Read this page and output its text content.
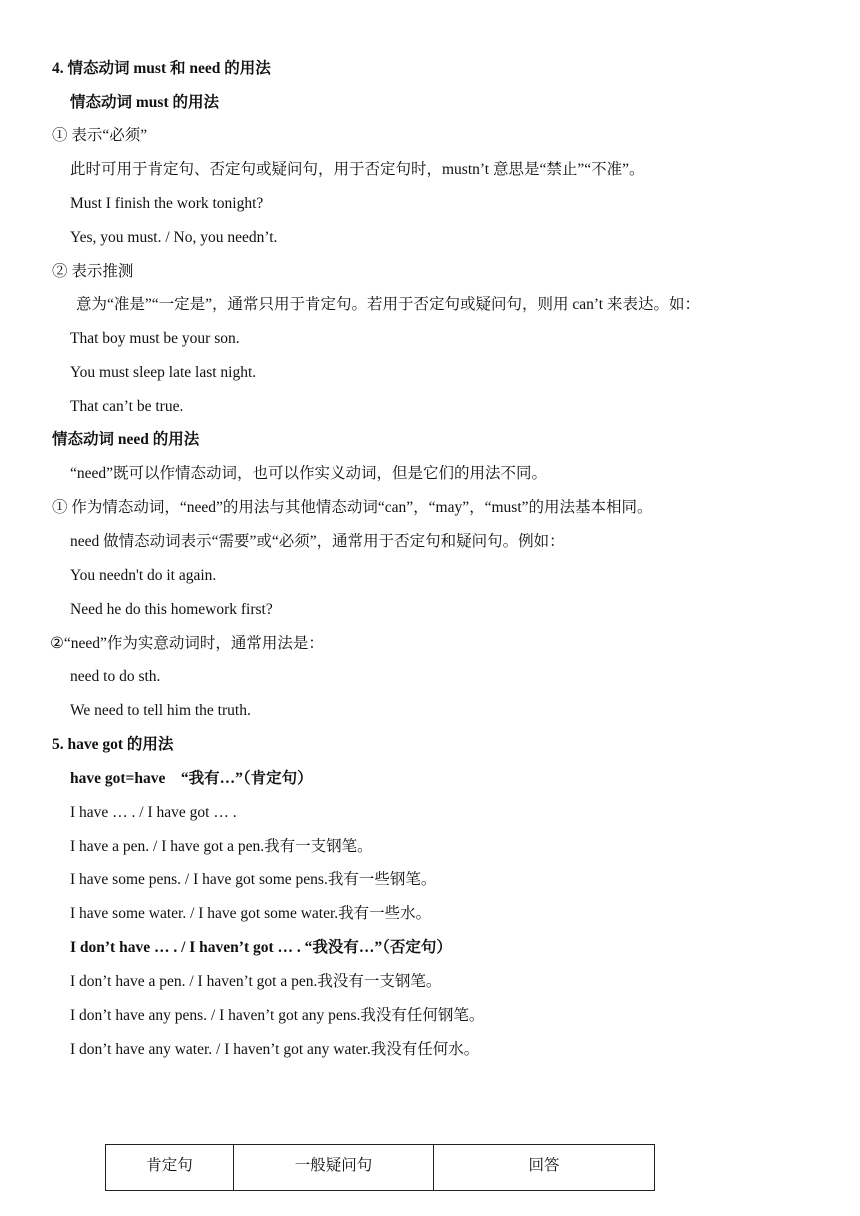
4. 情态动词 must 和 need 的用法
情态动词 must 的用法
① 表示“必须”
此时可用于肯定句、否定句或疑问句，用于否定句时，mustn’t 意思是“禁止”“不准”。
Must I finish the work tonight?
Yes, you must. / No, you needn’t.
② 表示推测
意为“准是”“一定是”，通常只用于肯定句。若用于否定句或疑问句，则用 can’t 来表达。如：
That boy must be your son.
You must sleep late last night.
That can’t be true.
情态动词 need 的用法
“need”既可以作情态动词，也可以作实义动词，但是它们的用法不同。
① 作为情态动词，“need”的用法与其他情态动词“can”，“may”，“must”的用法基本相同。
need 做情态动词表示“需要”或“必须”，通常用于否定句和疑问句。例如：
You needn't do it again.
Need he do this homework first?
②“need”作为实意动词时，通常用法是：
need to do sth.
We need to tell him the truth.
5. have got 的用法
have got=have    “我有…”（肯定句）
I have … . / I have got … .
I have a pen. / I have got a pen.我有一支钢笔。
I have some pens. / I have got some pens.我有一些钢笔。
I have some water. / I have got some water.我有一些水。
I don’t have … . / I haven’t got … . “我没有…”（否定句）
I don’t have a pen. / I haven’t got a pen.我没有一支钢笔。
I don’t have any pens. / I haven’t got any pens.我没有任何钢笔。
I don’t have any water. / I haven’t got any water.我没有任何水。
肯定句	一般疑问句	回答
